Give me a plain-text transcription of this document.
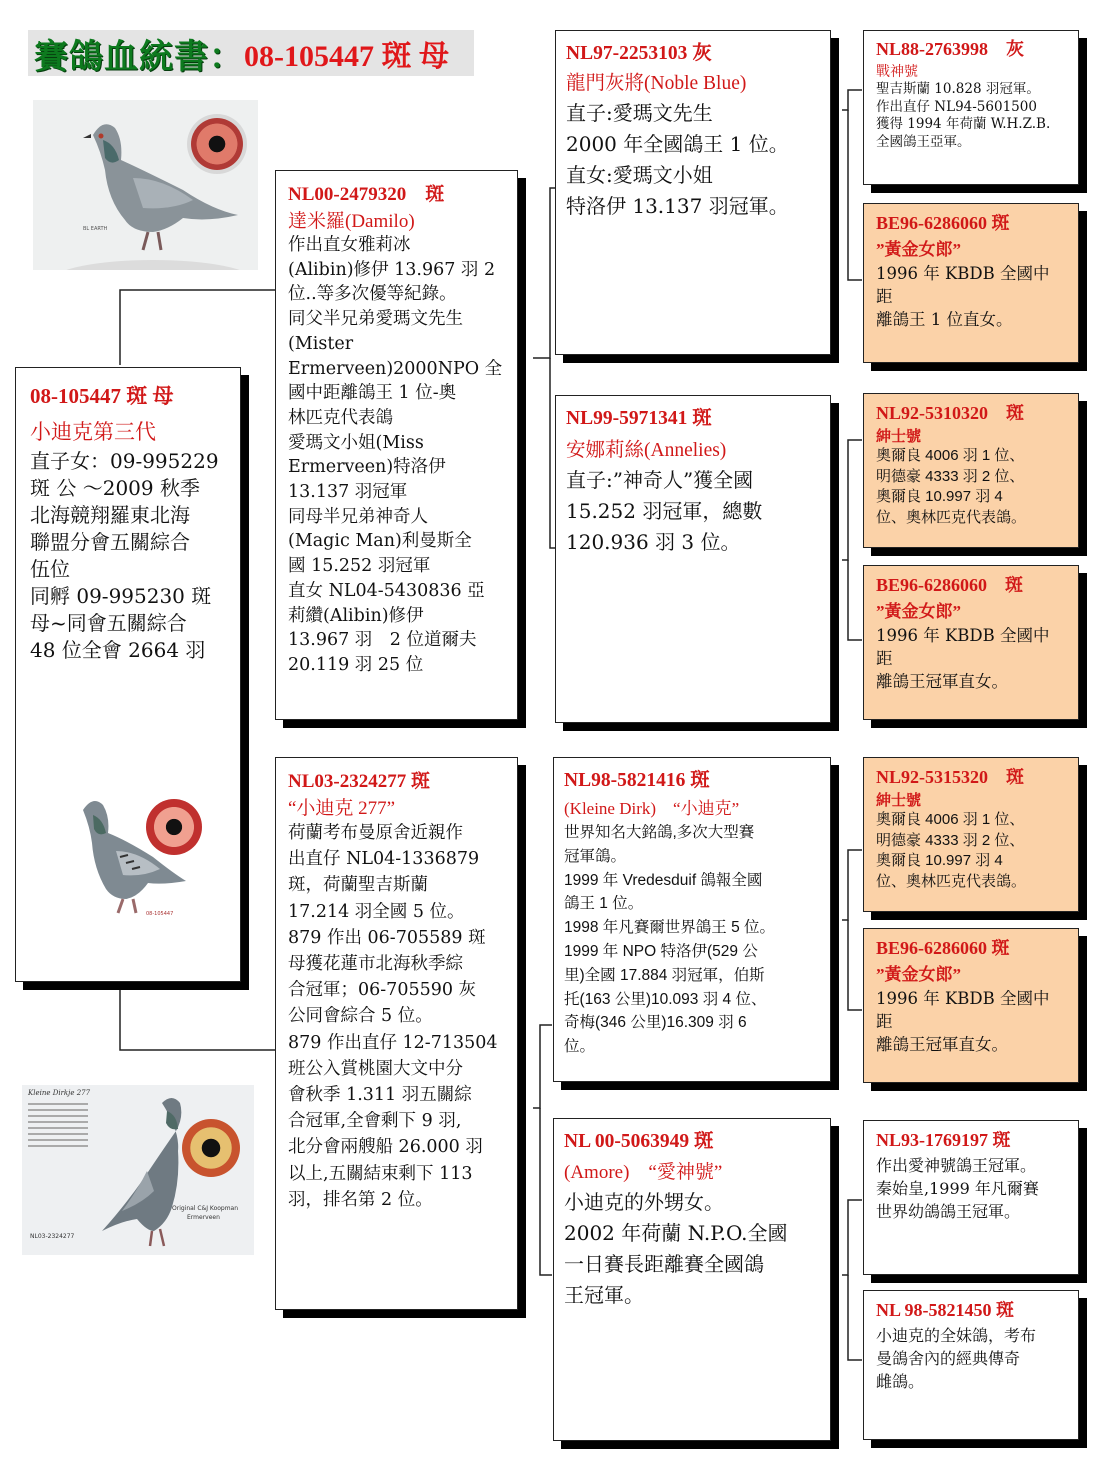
賽鴿血統書： 08-105447 斑 母
BL EARTH
08-105447 斑 母
小迪克第三代
直子女：09-995229
斑 公 ～2009 秋季
北海競翔羅東北海
聯盟分會五關綜合
伍位
同孵 09-995230 斑
母~同會五關綜合
48 位全會 2664 羽
NL00-2479320　斑
達米羅(Damilo)
作出直女雅莉冰
(Alibin)修伊 13.967 羽 2
位..等多次優等紀錄。
同父半兄弟愛瑪文先生
(Mister
Ermerveen)2000NPO 全
國中距離鴿王 1 位-奧
林匹克代表鴿
愛瑪文小姐(Miss
Ermerveen)特洛伊
13.137 羽冠軍
同母半兄弟神奇人
(Magic Man)利曼斯全
國 15.252 羽冠軍
直女 NL04-5430836 亞
莉纘(Alibin)修伊
13.967 羽　2 位道爾夫
20.119 羽 25 位
NL03-2324277 斑
“小迪克 277”
荷蘭考布曼原舍近親作
出直仔 NL04-1336879
斑，荷蘭聖吉斯蘭
17.214 羽全國 5 位。
879 作出 06-705589 斑
母獲花蓮市北海秋季綜
合冠軍；06-705590 灰
公同會綜合 5 位。
879 作出直仔 12-713504
班公入賞桃園大文中分
會秋季 1.311 羽五關綜
合冠軍,全會剩下 9 羽,
北分會兩艘船 26.000 羽
以上,五關結束剩下 113
羽，排名第 2 位。
08-105447
Kleine Dirkje 277
Original C&J Koopman
Ermerveen
NL03-2324277
NL97-2253103 灰
龍門灰將(Noble Blue)
直子:愛瑪文先生
2000 年全國鴿王 1 位。
直女:愛瑪文小姐
特洛伊 13.137 羽冠軍。
NL99-5971341 斑
安娜莉絲(Annelies)
直子:”神奇人”獲全國
15.252 羽冠軍，總數
120.936 羽 3 位。
NL98-5821416 斑
(Kleine Dirk)　“小迪克”
世界知名大銘鴿,多次大型賽
冠軍鴿。
1999 年 Vredesduif 鴿報全國
鴿王 1 位。
1998 年凡賽爾世界鴿王 5 位。
1999 年 NPO 特洛伊(529 公
里)全國 17.884 羽冠軍，伯斯
托(163 公里)10.093 羽 4 位、
奇梅(346 公里)16.309 羽 6
位。
NL 00-5063949 斑
(Amore)　“愛神號”
小迪克的外甥女。
2002 年荷蘭 N.P.O.全國
一日賽長距離賽全國鴿
王冠軍。
NL88-2763998　灰
戰神號
聖吉斯蘭 10.828 羽冠軍。
作出直仔 NL94-5601500
獲得 1994 年荷蘭 W.H.Z.B.
全國鴿王亞軍。
BE96-6286060 斑
”黃金女郎”
1996 年 KBDB 全國中距
離鴿王 1 位直女。
NL92-5310320　斑
紳士號
奧爾良 4006 羽 1 位、
明德豪 4333 羽 2 位、
奧爾良 10.997 羽 4
位、奧林匹克代表鴿。
BE96-6286060　斑
”黃金女郎”
1996 年 KBDB 全國中距
離鴿王冠軍直女。
NL92-5315320　斑
紳士號
奧爾良 4006 羽 1 位、
明德豪 4333 羽 2 位、
奧爾良 10.997 羽 4
位、奧林匹克代表鴿。
BE96-6286060 斑
”黃金女郎”
1996 年 KBDB 全國中距
離鴿王冠軍直女。
NL93-1769197 斑
作出愛神號鴿王冠軍。
秦始皇,1999 年凡爾賽
世界幼鴿鴿王冠軍。
NL 98-5821450 斑
小迪克的全妹鴿，考布
曼鴿舍內的經典傳奇
雌鴿。
